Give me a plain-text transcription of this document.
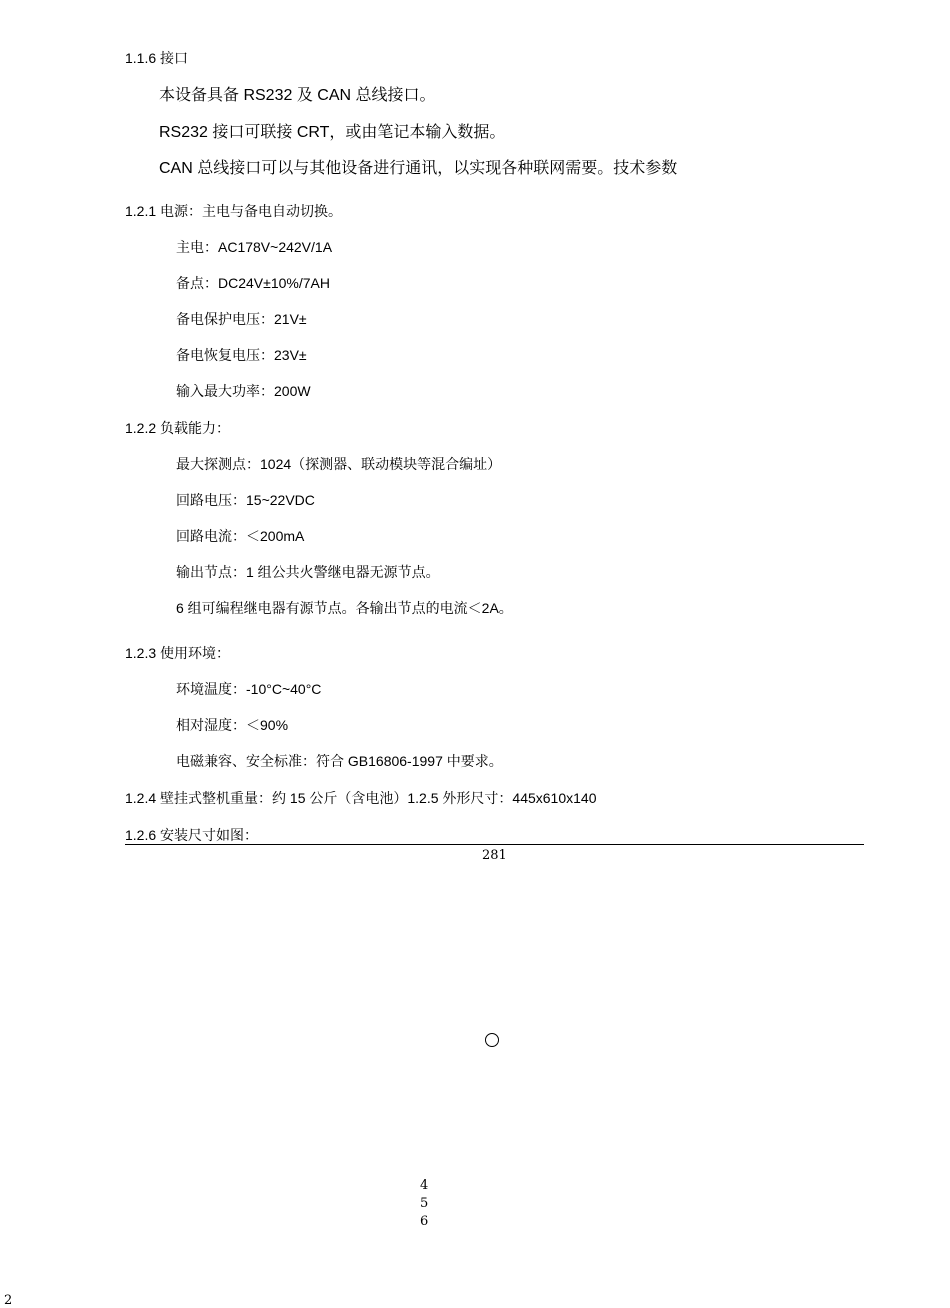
1.1.6 接口
本设备具备 RS232 及 CAN 总线接口。
RS232 接口可联接 CRT，或由笔记本输入数据。
CAN 总线接口可以与其他设备进行通讯，以实现各种联网需要。技术参数
1.2.1 电源：主电与备电自动切换。
主电：AC178V~242V/1A
备点：DC24V±10%/7AH
备电保护电压：21V±
备电恢复电压：23V±
输入最大功率：200W
1.2.2 负载能力：
最大探测点：1024（探测器、联动模块等混合编址）
回路电压：15~22VDC
回路电流：＜200mA
输出节点：1 组公共火警继电器无源节点。
6 组可编程继电器有源节点。各输出节点的电流＜2A。
1.2.3 使用环境：
环境温度：-10°C~40°C
相对湿度：＜90%
电磁兼容、安全标准：符合 GB16806-1997 中要求。
1.2.4 壁挂式整机重量：约 15 公斤（含电池）1.2.5 外形尺寸：445x610x140
1.2.6 安装尺寸如图：
281
4
5
6
2
